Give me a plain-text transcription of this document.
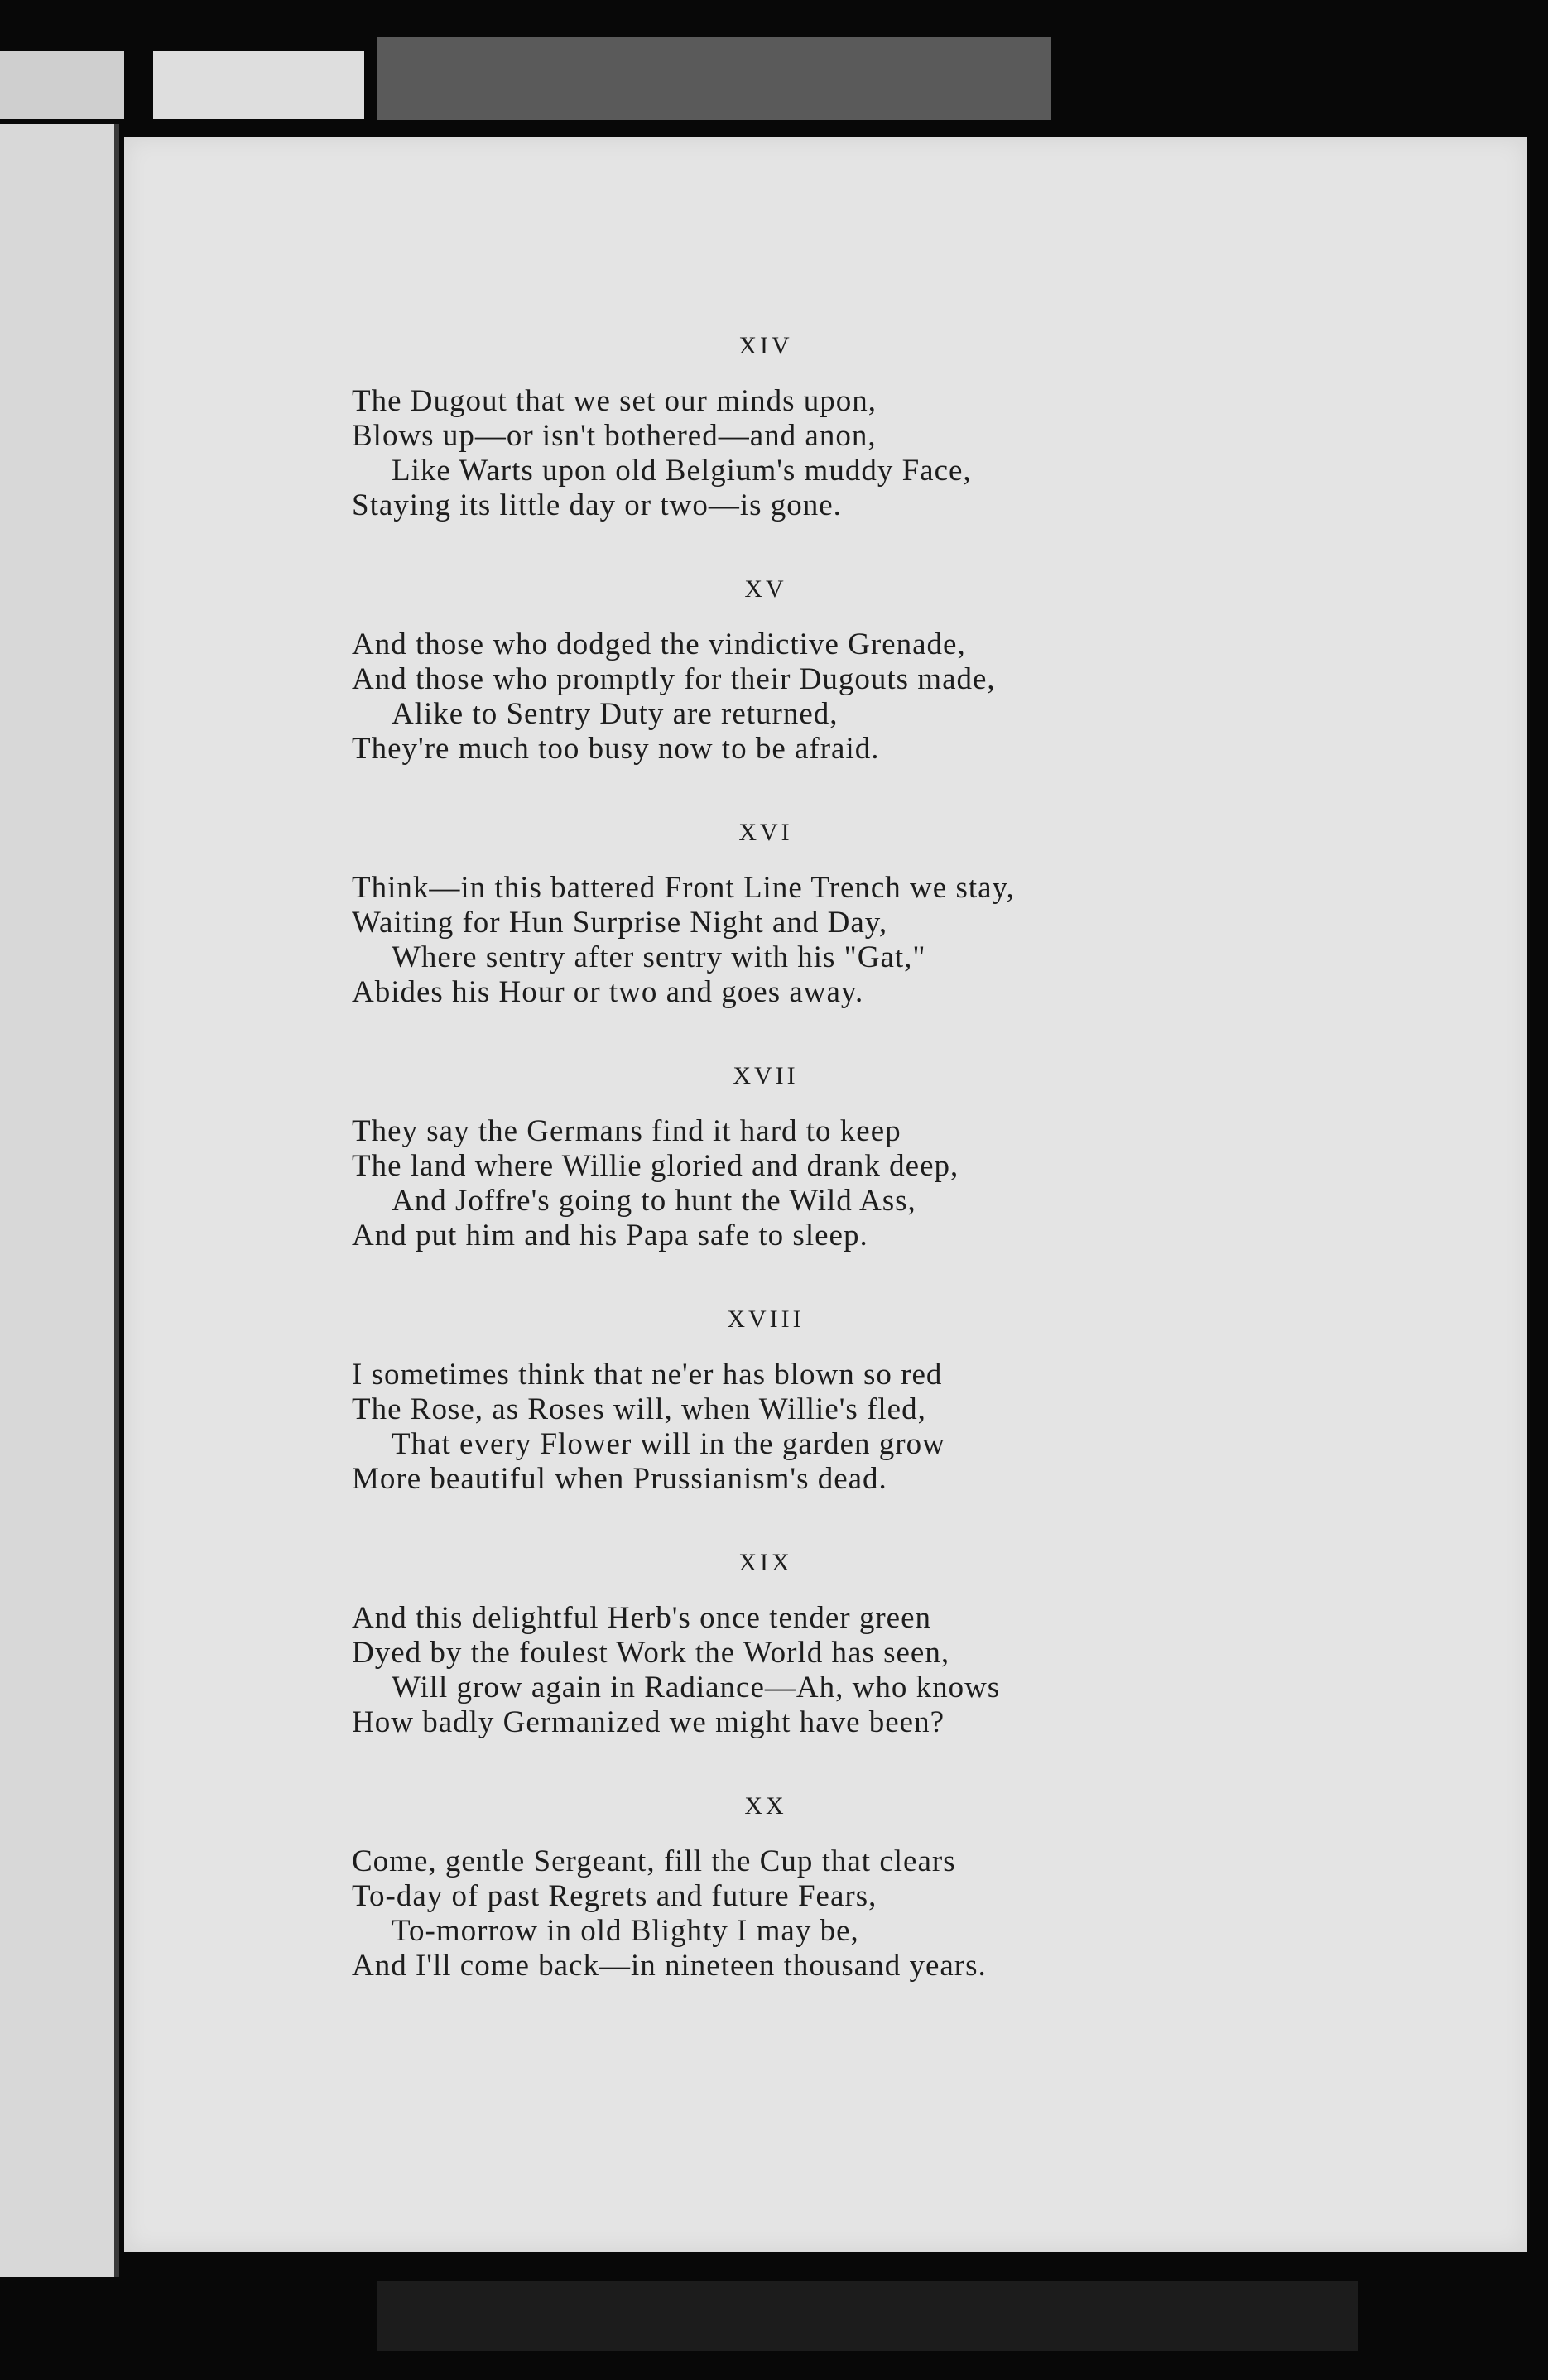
XIV
The Dugout that we set our minds upon,
Blows up—or isn't bothered—and anon,
Like Warts upon old Belgium's muddy Face,
Staying its little day or two—is gone.
XV
And those who dodged the vindictive Grenade,
And those who promptly for their Dugouts made,
Alike to Sentry Duty are returned,
They're much too busy now to be afraid.
XVI
Think—in this battered Front Line Trench we stay,
Waiting for Hun Surprise Night and Day,
Where sentry after sentry with his "Gat,"
Abides his Hour or two and goes away.
XVII
They say the Germans find it hard to keep
The land where Willie gloried and drank deep,
And Joffre's going to hunt the Wild Ass,
And put him and his Papa safe to sleep.
XVIII
I sometimes think that ne'er has blown so red
The Rose, as Roses will, when Willie's fled,
That every Flower will in the garden grow
More beautiful when Prussianism's dead.
XIX
And this delightful Herb's once tender green
Dyed by the foulest Work the World has seen,
Will grow again in Radiance—Ah, who knows
How badly Germanized we might have been?
XX
Come, gentle Sergeant, fill the Cup that clears
To-day of past Regrets and future Fears,
To-morrow in old Blighty I may be,
And I'll come back—in nineteen thousand years.
